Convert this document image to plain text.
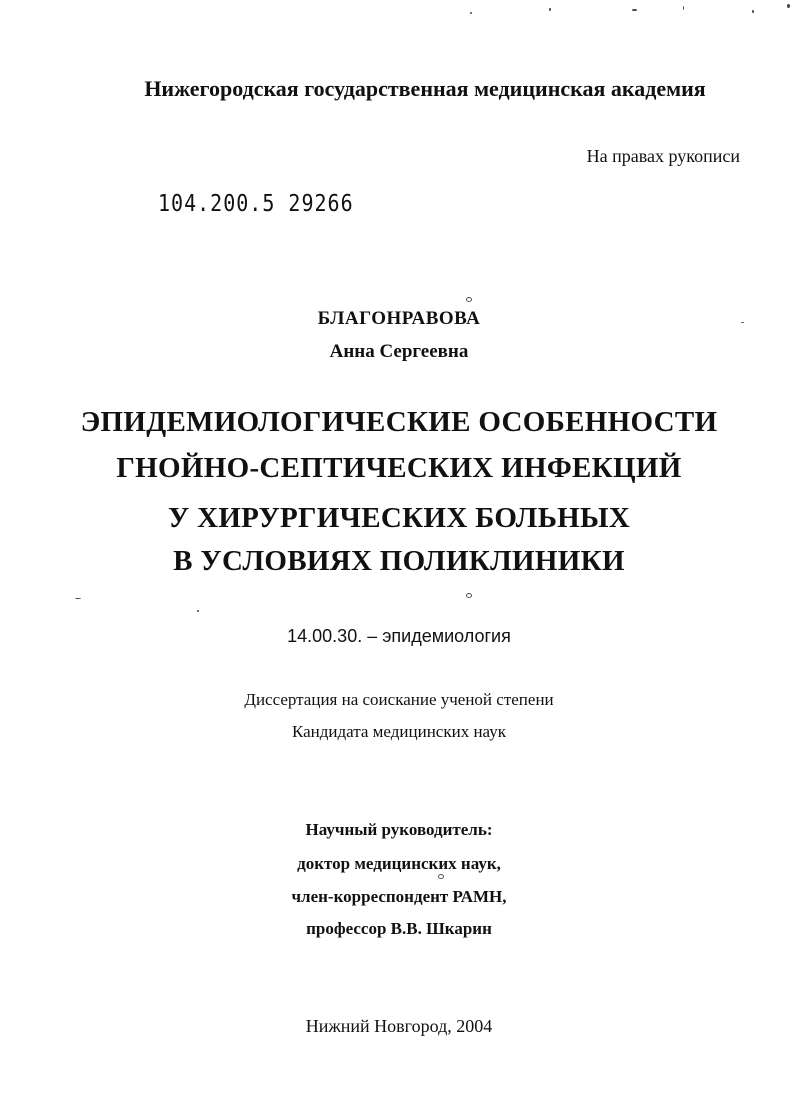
Нижегородская государственная медицинская академия
На правах рукописи
104.200.5 29266
БЛАГОНРАВОВА
Анна Сергеевна
ЭПИДЕМИОЛОГИЧЕСКИЕ ОСОБЕННОСТИ
ГНОЙНО-СЕПТИЧЕСКИХ ИНФЕКЦИЙ
У ХИРУРГИЧЕСКИХ БОЛЬНЫХ
В УСЛОВИЯХ ПОЛИКЛИНИКИ
14.00.30. – эпидемиология
Диссертация на соискание ученой степени
Кандидата медицинских наук
Научный руководитель:
доктор медицинских наук,
член-корреспондент РАМН,
профессор В.В. Шкарин
Нижний Новгород, 2004
